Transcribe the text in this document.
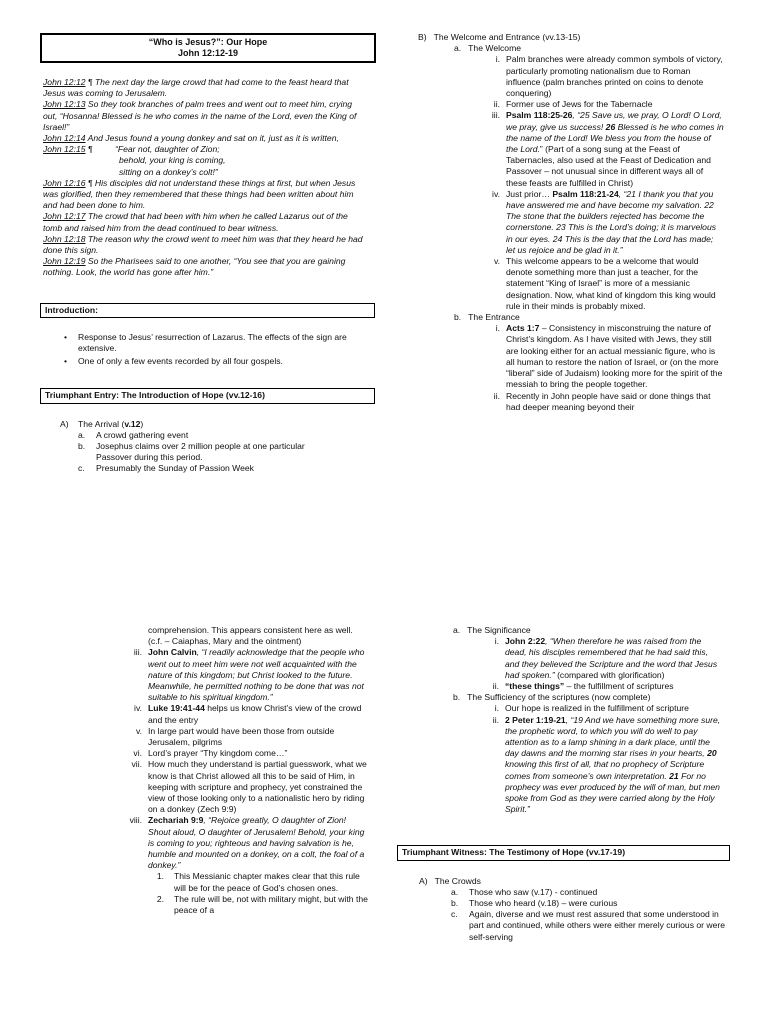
“Who is Jesus?”: Our Hope
John 12:12-19

John 12:12 ¶ The next day the large crowd that had come to the feast heard that Jesus was coming to Jerusalem.

John 12:13 So they took branches of palm trees and went out to meet him, crying out, “Hosanna! Blessed is he who comes in the name of the Lord, even the King of Israel!”

John 12:14 And Jesus found a young donkey and sat on it, just as it is written,

John 12:15 ¶	“Fear not, daughter of Zion;
behold, your king is coming,
sitting on a donkey’s colt!”

John 12:16 ¶ His disciples did not understand these things at first, but when Jesus was glorified, then they remembered that these things had been written about him and had been done to him.

John 12:17 The crowd that had been with him when he called Lazarus out of the tomb and raised him from the dead continued to bear witness.

John 12:18 The reason why the crowd went to meet him was that they heard he had done this sign.

John 12:19 So the Pharisees said to one another, “You see that you are gaining nothing. Look, the world has gone after him.”

Introduction:
•	Response to Jesus’ resurrection of Lazarus. The effects of the sign are extensive.
•	One of only a few events recorded by all four gospels.
Triumphant Entry: The Introduction of Hope (vv.12-16)
A)	The Arrival (v.12)
a.	A crowd gathering event
b.	Josephus claims over 2 million people at one particular Passover during this period.
c.	Presumably the Sunday of Passion Week
B)   The Welcome and Entrance (vv.13-15)
a.   The Welcome
i. Palm branches were already common symbols of victory, particularly promoting nationalism due to Roman influence (palm branches printed on coins to denote conquering)
ii. Former use of Jews for the Tabernacle
iii. Psalm 118:25-26, “25 Save us, we pray, O Lord! O Lord, we pray, give us success! 26 Blessed is he who comes in the name of the Lord! We bless you from the house of the Lord.” (Part of a song sung at the Feast of Tabernacles, also used at the Feast of Dedication and Passover – not unusual since in different ways all of these feasts are fulfilled in Christ)
iv. Just prior… Psalm 118:21-24, “21 I thank you that you have answered me and have become my salvation. 22 The stone that the builders rejected has become the cornerstone. 23 This is the Lord’s doing; it is marvelous in our eyes. 24 This is the day that the Lord has made; let us rejoice and be glad in it.”
v. This welcome appears to be a welcome that would denote something more than just a teacher, for the statement “King of Israel” is more of a messianic designation. Now, what kind of kingdom this king would rule in their minds is probably mixed.
b.   The Entrance
i. Acts 1:7 – Consistency in misconstruing the nature of Christ’s kingdom. As I have visited with Jews, they still are looking either for an actual messianic figure, who is all human to restore the nation of Israel, or (on the more “liberal” side of Judaism) looking more for the spirit of the messiah to bring the people together.
ii. Recently in John people have said or done things that had deeper meaning beyond their
comprehension. This appears consistent here as well. (c.f. – Caiaphas, Mary and the ointment)
iii. John Calvin, “I readily acknowledge that the people who went out to meet him were not well acquainted with the nature of this kingdom; but Christ looked to the future. Meanwhile, he permitted nothing to be done that was not suitable to his spiritual kingdom.”
iv. Luke 19:41-44 helps us know Christ’s view of the crowd and the entry
v. In large part would have been those from outside Jerusalem, pilgrims
vi. Lord’s prayer “Thy kingdom come…”
vii. How much they understand is partial guesswork, what we know is that Christ allowed all this to be said of Him, in keeping with scripture and prophecy, yet constrained the view of those looking only to a nationalistic hero by riding on a donkey (Zech 9:9)
viii. Zechariah 9:9, “Rejoice greatly, O daughter of Zion! Shout aloud, O daughter of Jerusalem! Behold, your king is coming to you; righteous and having salvation is he, humble and mounted on a donkey, on a colt, the foal of a donkey.”
1.	This Messianic chapter makes clear that this rule will be for the peace of God’s chosen ones.
2.	The rule will be, not with military might, but with the peace of a
a.   The Significance
i. John 2:22, “When therefore he was raised from the dead, his disciples remembered that he had said this, and they believed the Scripture and the word that Jesus had spoken.” (compared with glorification)
ii. “these things” – the fulfillment of scriptures
b.   The Sufficiency of the scriptures (now complete)
i. Our hope is realized in the fulfillment of scripture
ii. 2 Peter 1:19-21, “19 And we have something more sure, the prophetic word, to which you will do well to pay attention as to a lamp shining in a dark place, until the day dawns and the morning star rises in your hearts, 20 knowing this first of all, that no prophecy of Scripture comes from someone’s own interpretation. 21 For no prophecy was ever produced by the will of man, but men spoke from God as they were carried along by the Holy Spirit.”
Triumphant Witness: The Testimony of Hope (vv.17-19)
A)   The Crowds
a.	Those who saw (v.17) - continued
b.	Those who heard (v.18) – were curious
c.	Again, diverse and we must rest assured that some understood in part and continued, while others were either merely curious or were self-serving
